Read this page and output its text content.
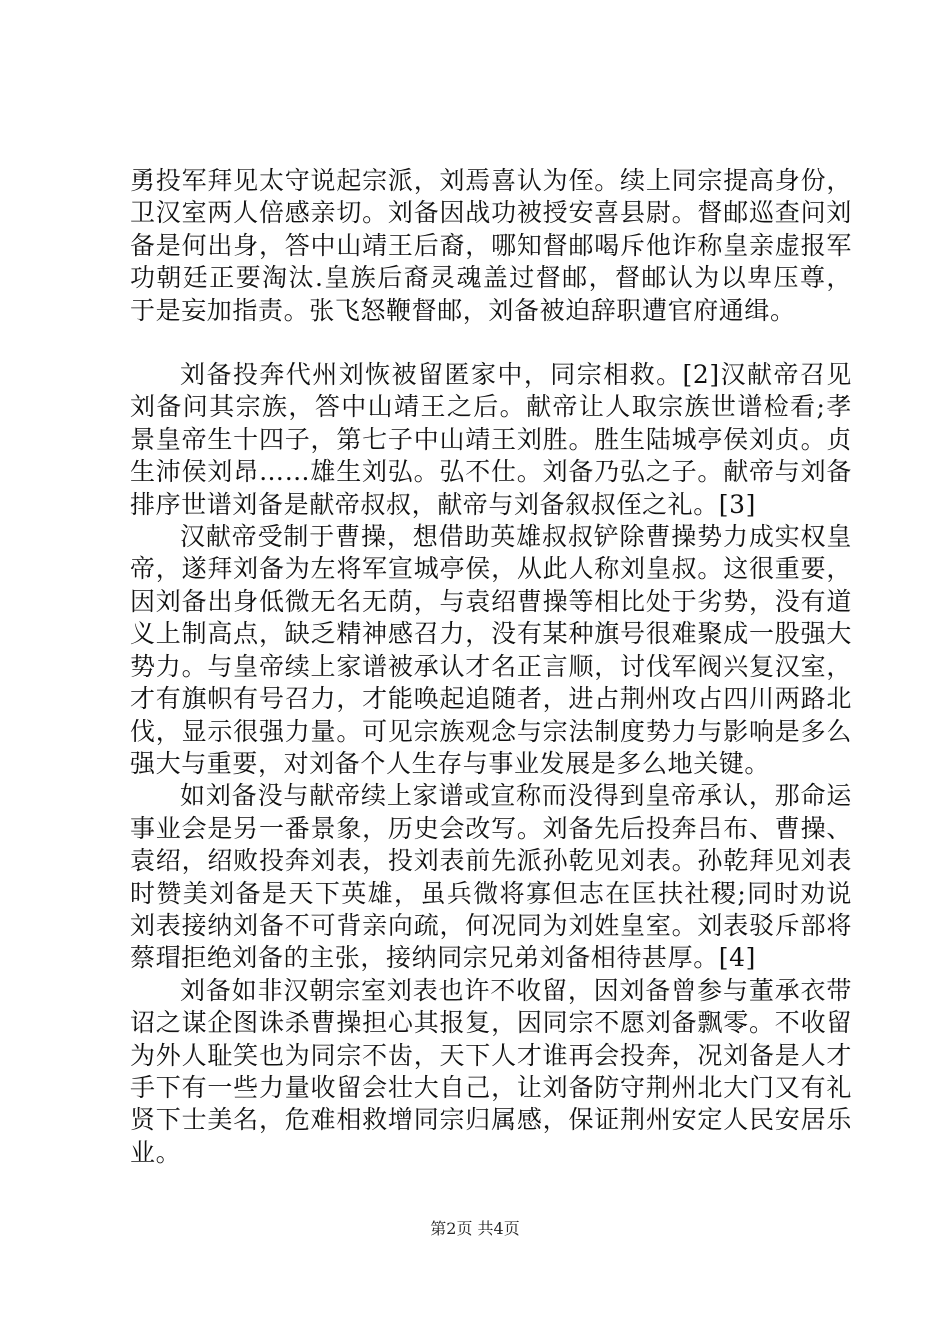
勇投军拜见太守说起宗派，刘焉喜认为侄。续上同宗提高身份，卫汉室两人倍感亲切。刘备因战功被授安喜县尉。督邮巡查问刘备是何出身，答中山靖王后裔，哪知督邮喝斥他诈称皇亲虚报军功朝廷正要淘汰.皇族后裔灵魂盖过督邮，督邮认为以卑压尊，于是妄加指责。张飞怒鞭督邮，刘备被迫辞职遭官府通缉。

刘备投奔代州刘恢被留匿家中，同宗相救。[2]汉献帝召见刘备问其宗族，答中山靖王之后。献帝让人取宗族世谱检看;孝景皇帝生十四子，第七子中山靖王刘胜。胜生陆城亭侯刘贞。贞生沛侯刘昂……雄生刘弘。弘不仕。刘备乃弘之子。献帝与刘备排序世谱刘备是献帝叔叔，献帝与刘备叙叔侄之礼。[3]

汉献帝受制于曹操，想借助英雄叔叔铲除曹操势力成实权皇帝，遂拜刘备为左将军宣城亭侯，从此人称刘皇叔。这很重要，因刘备出身低微无名无荫，与袁绍曹操等相比处于劣势，没有道义上制高点，缺乏精神感召力，没有某种旗号很难聚成一股强大势力。与皇帝续上家谱被承认才名正言顺，讨伐军阀兴复汉室，才有旗帜有号召力，才能唤起追随者，进占荆州攻占四川两路北伐，显示很强力量。可见宗族观念与宗法制度势力与影响是多么强大与重要，对刘备个人生存与事业发展是多么地关键。

如刘备没与献帝续上家谱或宣称而没得到皇帝承认，那命运事业会是另一番景象，历史会改写。刘备先后投奔吕布、曹操、袁绍，绍败投奔刘表，投刘表前先派孙乾见刘表。孙乾拜见刘表时赞美刘备是天下英雄，虽兵微将寡但志在匡扶社稷;同时劝说刘表接纳刘备不可背亲向疏，何况同为刘姓皇室。刘表驳斥部将蔡瑁拒绝刘备的主张，接纳同宗兄弟刘备相待甚厚。[4]

刘备如非汉朝宗室刘表也许不收留，因刘备曾参与董承衣带诏之谋企图诛杀曹操担心其报复，因同宗不愿刘备飘零。不收留为外人耻笑也为同宗不齿，天下人才谁再会投奔，况刘备是人才手下有一些力量收留会壮大自己，让刘备防守荆州北大门又有礼贤下士美名，危难相救增同宗归属感，保证荆州安定人民安居乐业。

第2页 共4页
